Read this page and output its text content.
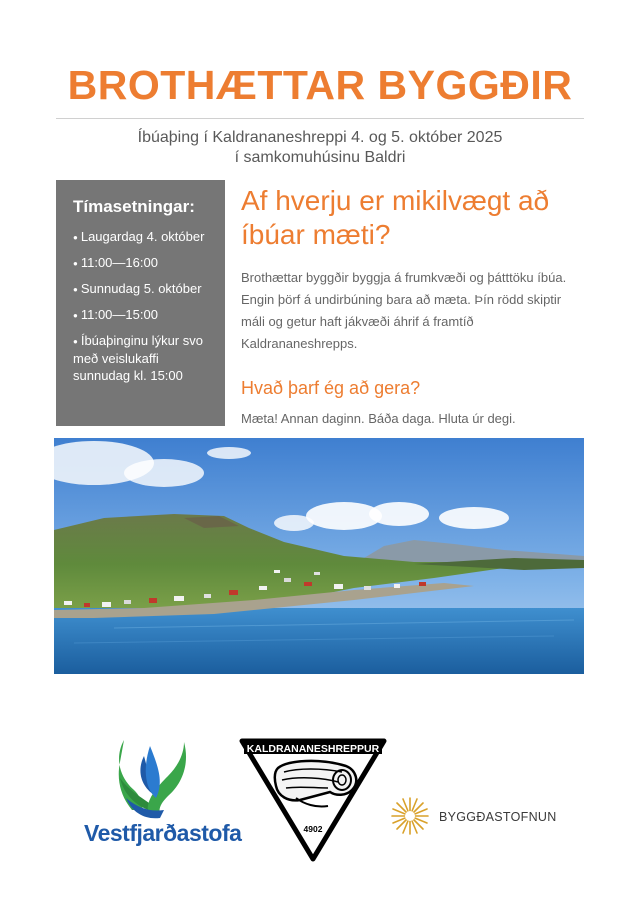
BROTHÆTTAR BYGGÐIR
Íbúaþing í Kaldrananeshreppi 4. og 5. október 2025
í samkomuhúsinu Baldri
Tímasetningar:
● Laugardag 4. október
● 11:00—16:00
● Sunnudag 5. október
● 11:00—15:00
● Íbúaþinginu lýkur svo með veislukaffi sunnudag kl. 15:00
Af hverju er mikilvægt að íbúar mæti?

Brothættar byggðir byggja á frumkvæði og þátttöku íbúa. Engin þörf á undirbúning bara að mæta. Þín rödd skiptir máli og getur haft jákvæði áhrif á framtíð Kaldrananeshrepps.

Hvað þarf ég að gera?

Mæta! Annan daginn. Báða daga. Hluta úr degi.

Vestfjarðastofa
KALDRANANESHREPPUR
4902
BYGGÐASTOFNUN
